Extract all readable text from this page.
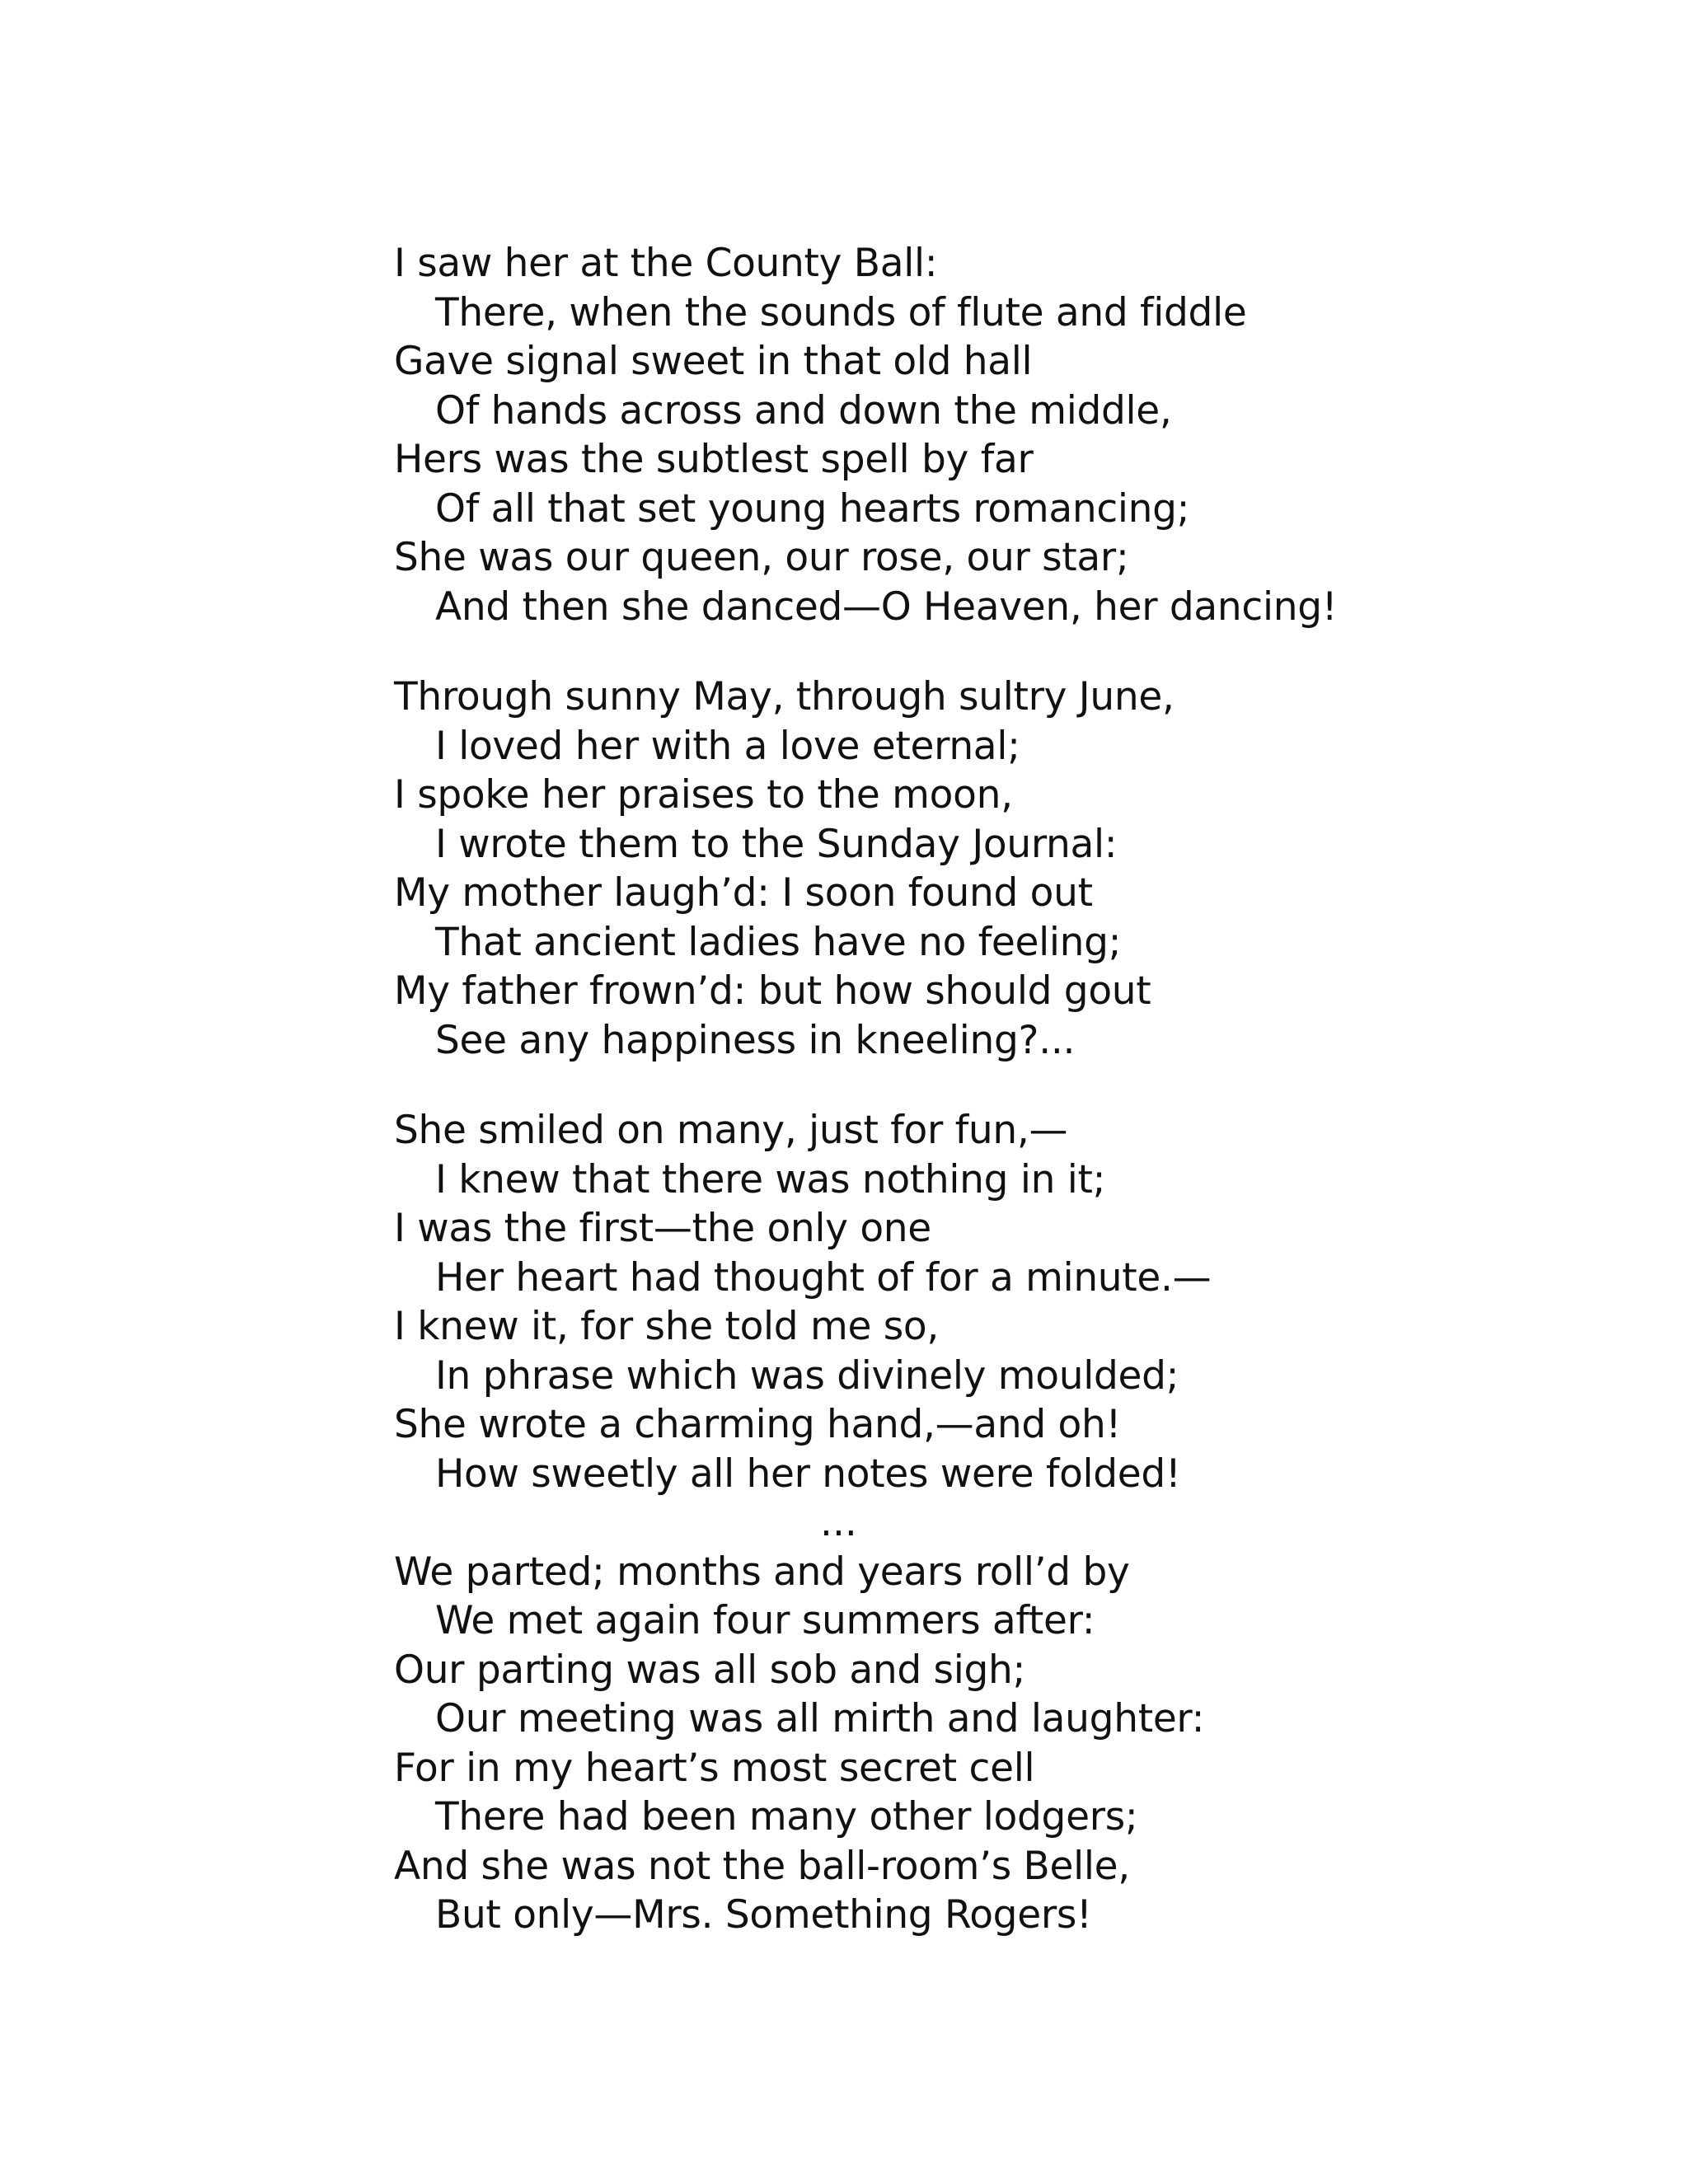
I saw her at the County Ball:
There, when the sounds of flute and fiddle
Gave signal sweet in that old hall
Of hands across and down the middle,
Hers was the subtlest spell by far
Of all that set young hearts romancing;
She was our queen, our rose, our star;
And then she danced—O Heaven, her dancing!
Through sunny May, through sultry June,
I loved her with a love eternal;
I spoke her praises to the moon,
I wrote them to the Sunday Journal:
My mother laugh’d: I soon found out
That ancient ladies have no feeling;
My father frown’d: but how should gout
See any happiness in kneeling?...
She smiled on many, just for fun,—
I knew that there was nothing in it;
I was the first—the only one
Her heart had thought of for a minute.—
I knew it, for she told me so,
In phrase which was divinely moulded;
She wrote a charming hand,—and oh!
How sweetly all her notes were folded!
...
We parted; months and years roll’d by
We met again four summers after:
Our parting was all sob and sigh;
Our meeting was all mirth and laughter:
For in my heart’s most secret cell
There had been many other lodgers;
And she was not the ball-room’s Belle,
But only—Mrs. Something Rogers!
